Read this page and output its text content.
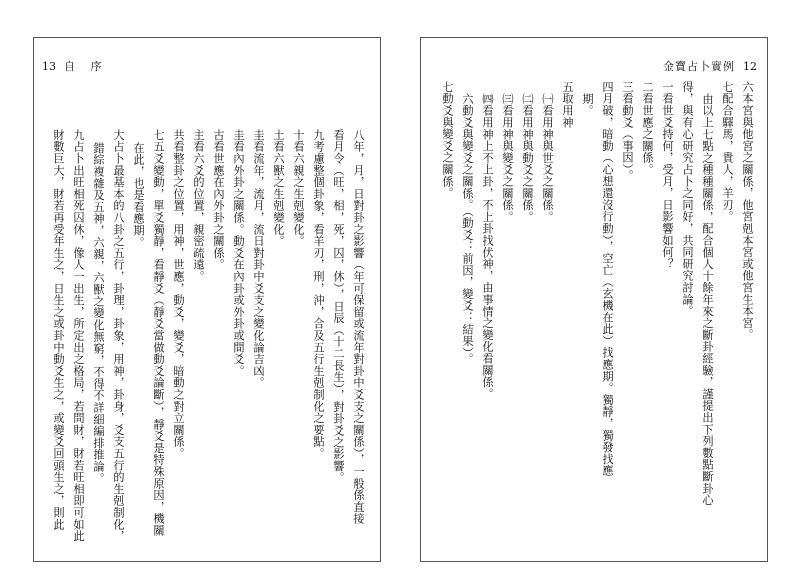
13 自 序
八年，月，日對卦之影響（年可保留或流年對卦中爻支之關係），一般係直接
看月令（旺，相，死，囚，休），日辰（十二長生），對卦爻之影響。
九考慮整個卦象，看羊刃，刑，沖，合及五行生剋制化之要點。
十看六親之生剋變化。
土看六獸之生剋變化。
圭看流年，流月，流日對卦中爻支之變化論吉凶。
圭看內外卦之關係。動爻在內卦或外卦或間爻。
古看世應在內外卦之關係。
主看六爻的位置，親密疏遠。
共看整卦之位置，用神，世應，動爻，變爻，暗動之對立關係。
七五爻變動，單爻獨靜，看靜爻（靜爻當做動爻論斷），靜爻是特殊原因，機關
在此，也是看應期。
大占卜最基本的八卦之五行，卦理，卦象，用神，卦身，爻支五行的生剋制化，
錯綜複雜及五神，六親，六獸之變化無窮，不得不詳細編排推論。
九占卜出旺相死囚休，像人一出生，所定出之格局，若問財，財若旺相即可如此
財數巨大，財若再受年生之，日生之或卦中動爻生之，或變爻回頭生之，則此
金寶占卜實例 12
六本宮與他宮之關係，他宮剋本宮或他宮生本宮。
七配合驛馬，貴人，羊刃。
由以上七點之種種關係，配合個人十餘年來之斷卦經驗，謹提出下列數點斷卦心
得，與有心研究占卜之同好，共同研究討論。
一看世爻持何，受月，日影響如何？
二看世應之關係。
三看動爻（事因）。
四月破，暗動（心想還沒行動），空亡（玄機在此）找應期。獨靜，獨發找應
期。
五取用神
㈠看用神與世爻之關係。
㈡看用神與動爻之關係。
㈢看用神與變爻之關係。
㈣看用神上不上卦，不上卦找伏神，由事情之變化看關係。
六動爻與變爻之關係。（動爻：前因，變爻：結果）。
七動爻與變爻之關係。
